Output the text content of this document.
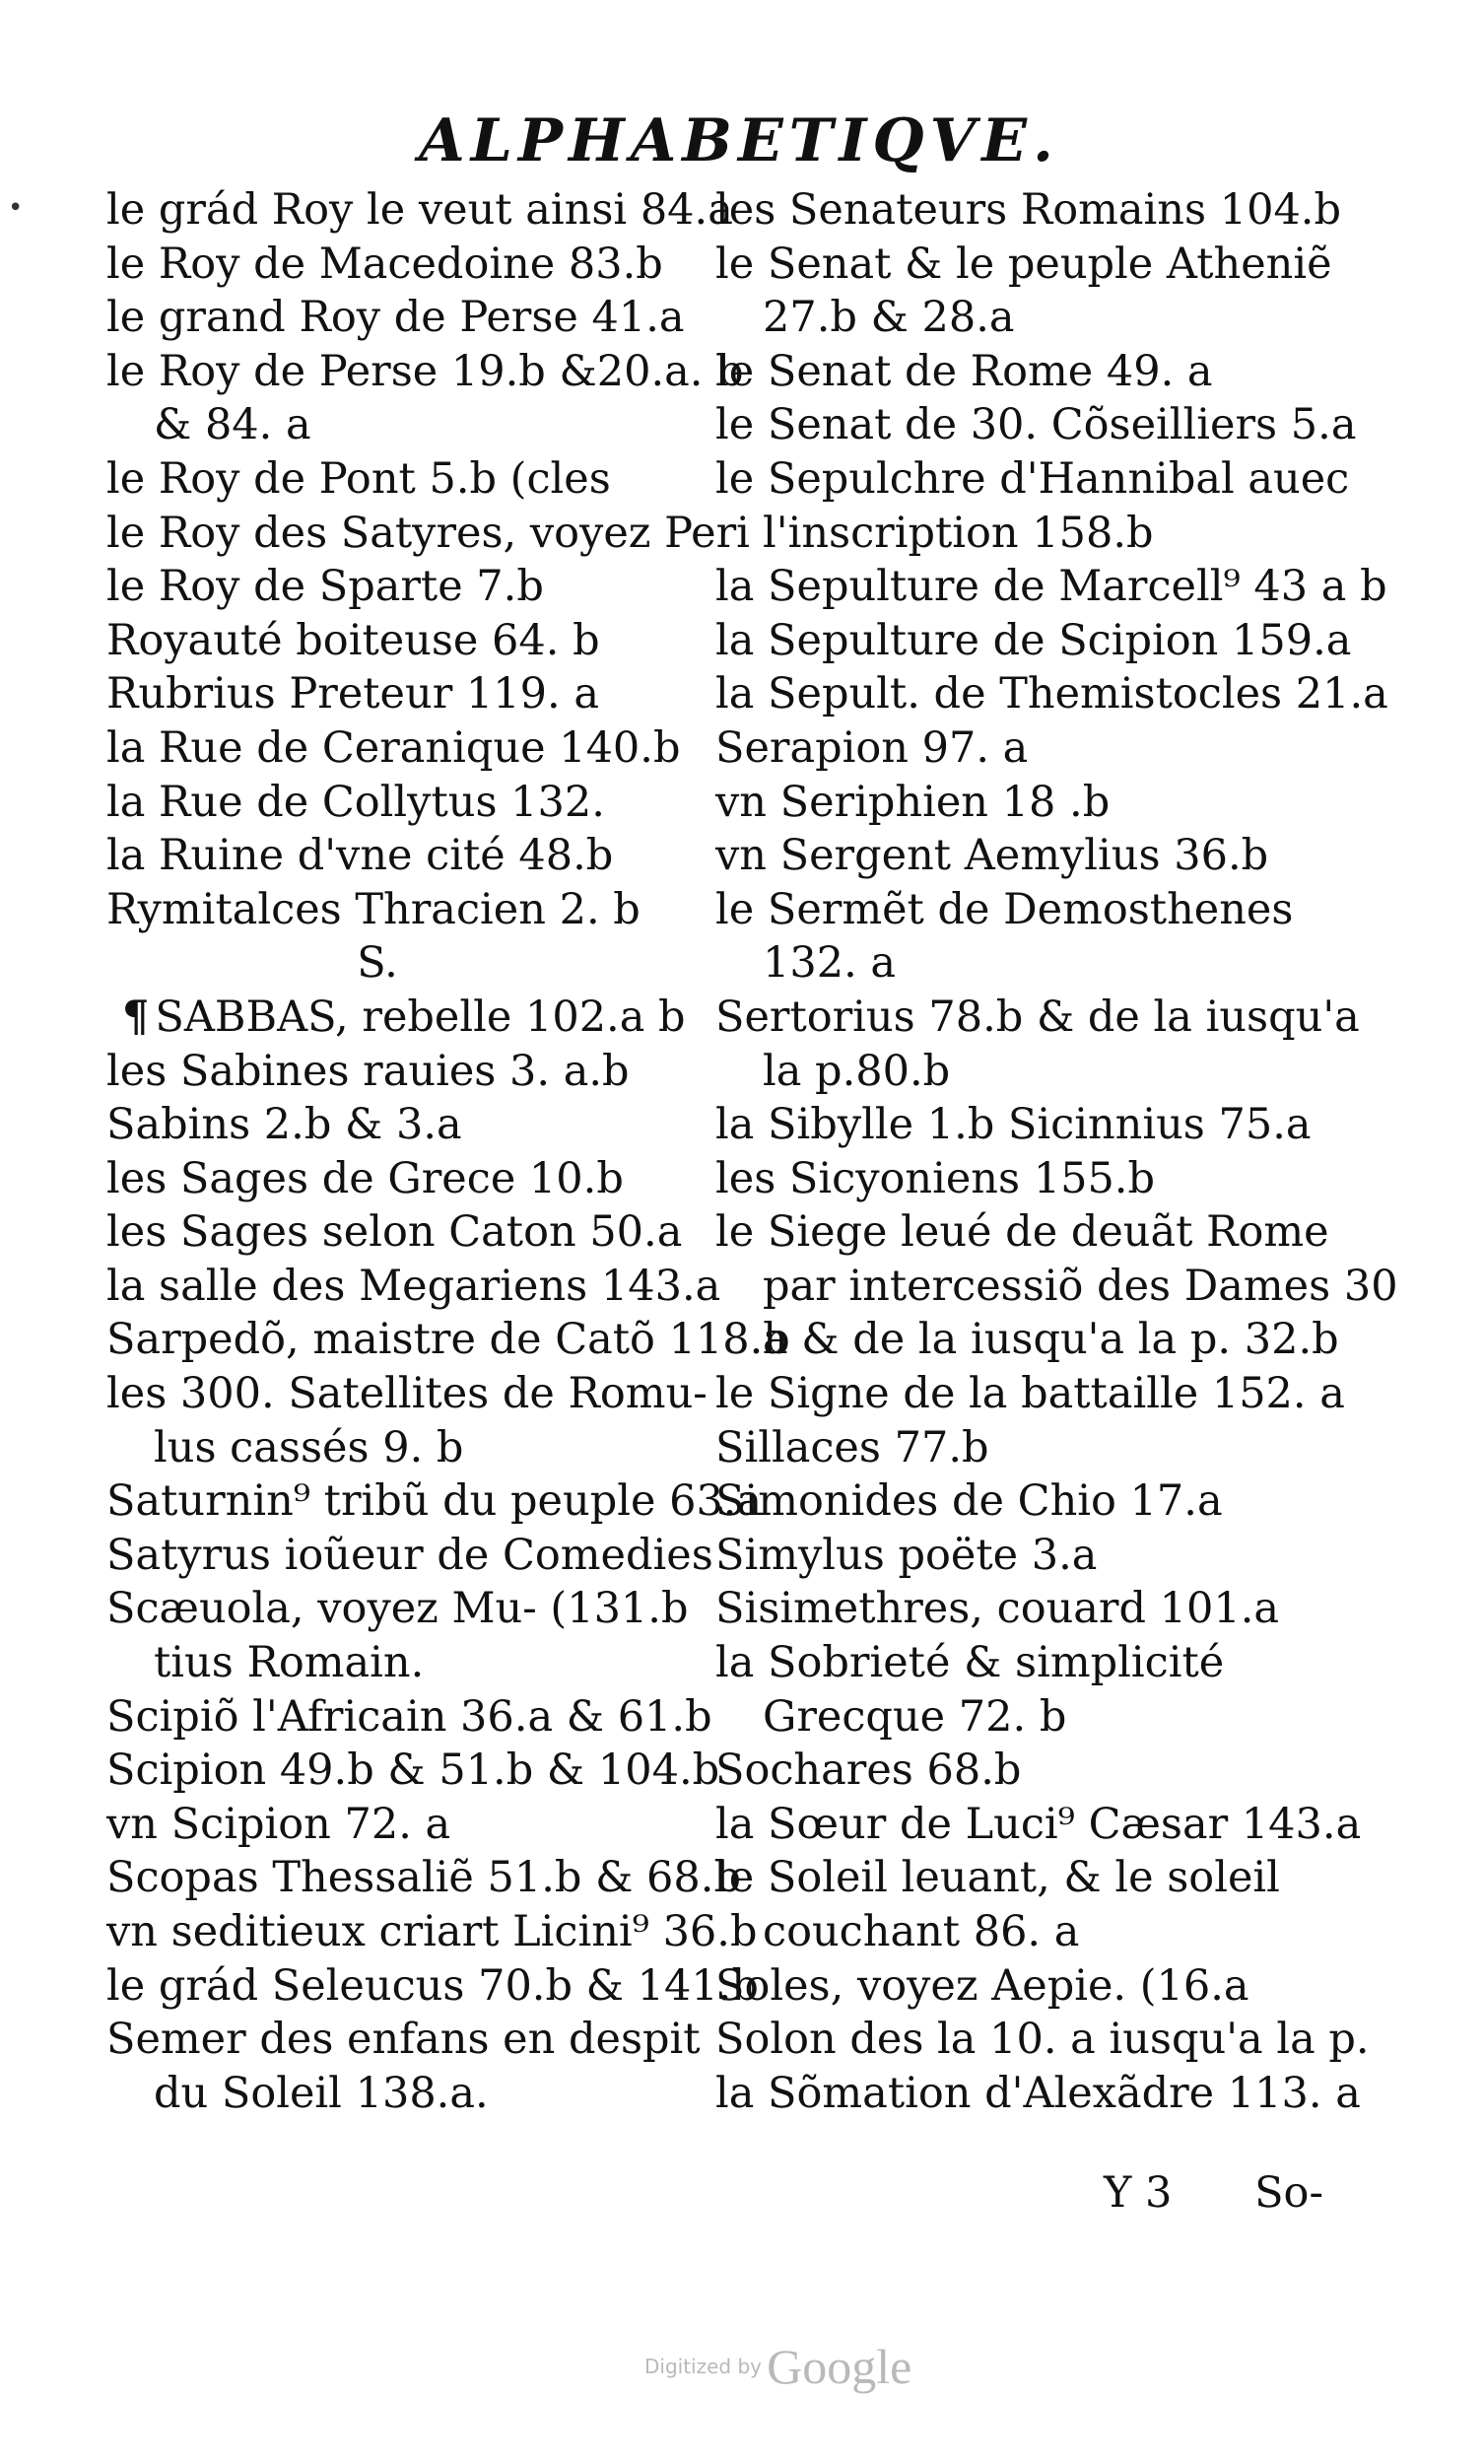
ALPHABETIQVE.
le grád Roy le veut ainsi 84.a
le Roy de Macedoine 83.b
le grand Roy de Perse 41.a
le Roy de Perse 19.b &20.a. b
& 84. a
le Roy de Pont 5.b (cles
le Roy des Satyres, voyez Peri
le Roy de Sparte 7.b
Royauté boiteuse 64. b
Rubrius Preteur 119. a
la Rue de Ceranique 140.b
la Rue de Collytus 132.
la Ruine d'vne cité 48.b
Rymitalces Thracien 2. b
S.
¶ SABBAS, rebelle 102.a b
les Sabines rauies 3. a.b
Sabins 2.b & 3.a
les Sages de Grece 10.b
les Sages selon Caton 50.a
la salle des Megariens 143.a
Sarpedõ, maistre de Catõ 118.b
les 300. Satellites de Romu-
lus cassés 9. b
Saturnin⁹ tribũ du peuple 63.a
Satyrus ioũeur de Comedies
Scæuola, voyez Mu- (131.b
tius Romain.
Scipiõ l'Africain 36.a & 61.b
Scipion 49.b & 51.b & 104.b
vn Scipion 72. a
Scopas Thessaliẽ 51.b & 68.b
vn seditieux criart Licini⁹ 36.b
le grád Seleucus 70.b & 141.b
Semer des enfans en despit
du Soleil 138.a.
les Senateurs Romains 104.b
le Senat & le peuple Atheniẽ
27.b & 28.a
le Senat de Rome 49. a
le Senat de 30. Cõseilliers 5.a
le Sepulchre d'Hannibal auec
l'inscription 158.b
la Sepulture de Marcell⁹ 43 a b
la Sepulture de Scipion 159.a
la Sepult. de Themistocles 21.a
Serapion 97. a
vn Seriphien 18 .b
vn Sergent Aemylius 36.b
le Sermẽt de Demosthenes
132. a
Sertorius 78.b & de la iusqu'a
la p.80.b
la Sibylle 1.b Sicinnius 75.a
les Sicyoniens 155.b
le Siege leué de deuãt Rome
par intercessiõ des Dames 30
a & de la iusqu'a la p. 32.b
le Signe de la battaille 152. a
Sillaces 77.b
Simonides de Chio 17.a
Simylus poëte 3.a
Sisimethres, couard 101.a
la Sobrieté & simplicité
Grecque 72. b
Sochares 68.b
la Sœur de Luci⁹ Cæsar 143.a
le Soleil leuant, & le soleil
couchant 86. a
Soles, voyez Aepie. (16.a
Solon des la 10. a iusqu'a la p.
la Sõmation d'Alexãdre 113. a
Y 3 So-
•
Digitized by Google
